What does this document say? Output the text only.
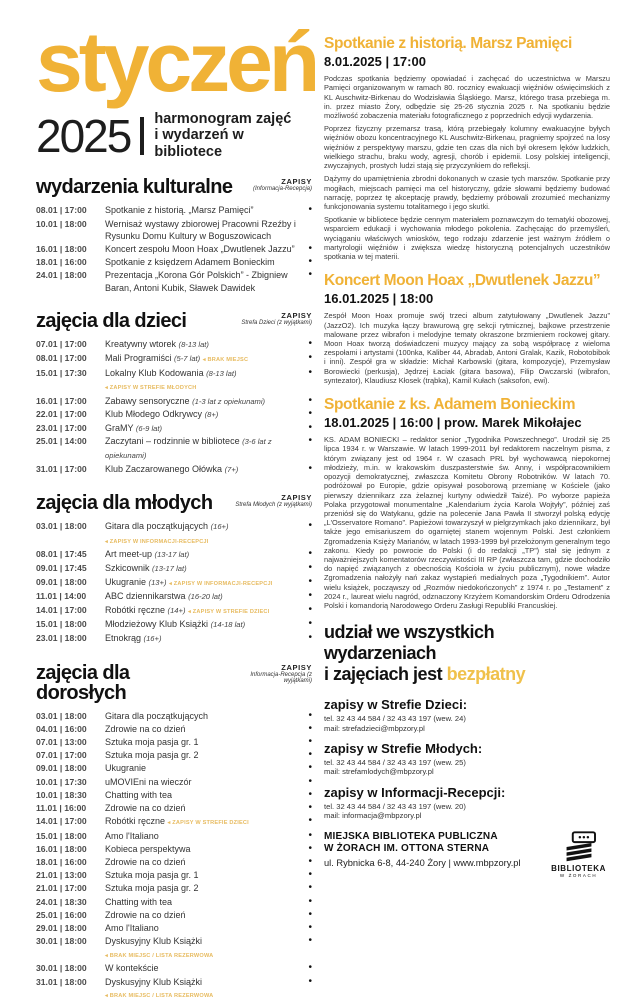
styczeń
2025 harmonogram zajęć
i wydarzeń w bibliotece
wydarzenia kulturalne	ZAPISY
(Informacja-Recepcja)
08.01 | 17:00	Spotkanie z historią. „Marsz Pamięci”	•
10.01 | 18:00	Wernisaż wystawy zbiorowej Pracowni Rzeźby i Rysunku Domu Kultury w Boguszowicach
16.01 | 18:00	Koncert zespołu Moon Hoax „Dwutlenek Jazzu”	•
18.01 | 16:00	Spotkanie z księdzem Adamem Bonieckim	•
24.01 | 18:00	Prezentacja „Korona Gór Polskich” - Zbigniew Baran, Antoni Kubik, Sławek Dawidek
•
zajęcia dla dzieci	ZAPISY
Strefa Dzieci (z wyjątkami)
07.01 | 17:00	Kreatywny wtorek (8-13 lat)	•
08.01 | 17:00	Mali Programiści (5-7 lat) ◂ BRAK MIEJSC	•
15.01 | 17:30	Lokalny Klub Kodowania (8-13 lat) ◂ ZAPISY W STREFIE MŁODYCH
•
16.01 | 17:00	Zabawy sensoryczne (1-3 lat z opiekunami)	•
22.01 | 17:00	Klub Młodego Odkrywcy (8+)	•
23.01 | 17:00	GraMY (6-9 lat)	•
25.01 | 14:00	Zaczytani – rodzinnie w bibliotece (3-6 lat z opiekunami)
•
31.01 | 17:00	Klub Zaczarowanego Ołówka (7+)	•
zajęcia dla młodych	ZAPISY
Strefa Młodych (z wyjątkami)
03.01 | 18:00	Gitara dla początkujących (16+) ◂ ZAPISY W INFORMACJI-RECEPCJI
•
08.01 | 17:45	Art meet-up (13-17 lat)	•
09.01 | 17:45	Szkicownik (13-17 lat)	•
09.01 | 18:00	Ukugranie (13+) ◂ ZAPISY W INFORMACJI-RECEPCJI	•
11.01 | 14:00	ABC dziennikarstwa (16-20 lat)	•
14.01 | 17:00	Robótki ręczne (14+) ◂ ZAPISY W STREFIE DZIECI	•
15.01 | 18:00	Młodzieżowy Klub Książki (14-18 lat)	•
23.01 | 18:00	Etnokrąg (16+)	•
zajęcia dla dorosłych
ZAPISY
Informacja-Recepcja (z wyjątkami)
03.01 | 18:00	Gitara dla początkujących	•
04.01 | 16:00	Zdrowie na co dzień	•
07.01 | 13:00	Sztuka moja pasja gr. 1	•
07.01 | 17:00	Sztuka moja pasja gr. 2	•
09.01 | 18:00	Ukugranie	•
10.01 | 17:30	uMOVIEni na wieczór	•
10.01 | 18:30	Chatting with tea	•
11.01 | 16:00	Zdrowie na co dzień	•
14.01 | 17:00	Robótki ręczne ◂ ZAPISY W STREFIE DZIECI	•
15.01 | 18:00	Amo l'Italiano	•
16.01 | 18:00	Kobieca perspektywa	•
18.01 | 16:00	Zdrowie na co dzień	•
21.01 | 13:00	Sztuka moja pasja gr. 1	•
21.01 | 17:00	Sztuka moja pasja gr. 2	•
24.01 | 18:30	Chatting with tea	•
25.01 | 16:00	Zdrowie na co dzień	•
29.01 | 18:00	Amo l'Italiano	•
30.01 | 18:00	Dyskusyjny Klub Książki ◂ BRAK MIEJSC / LISTA REZERWOWA
•
30.01 | 18:00	W kontekście	•
31.01 | 18:00	Dyskusyjny Klub Książki ◂ BRAK MIEJSC / LISTA REZERWOWA
•
Spotkanie z historią. Marsz Pamięci
8.01.2025 | 17:00

Podczas spotkania będziemy opowiadać i zachęcać do uczestnictwa w Marszu Pamięci organizowanym w ramach 80. rocznicy ewakuacji więźniów oświęcimskich z KL Auschwitz-Birkenau do Wodzisławia Śląskiego. Marsz, którego trasa przebiega m. in. przez miasto Żory, odbędzie się 25-26 stycznia 2025 r. Na spotkaniu będzie możliwość zobaczenia materiału fotograficznego z poprzednich edycji wydarzenia.

Poprzez fizyczny przemarsz trasą, którą przebiegały kolumny ewakuacyjne byłych więźniów obozu koncentracyjnego KL Auschwitz-Birkenau, pragniemy spojrzeć na losy więźniów z perspektywy marszu, gdzie ten czas dla nich był okresem lęków ludzkich, wielkiego strachu, braku wody, agresji, chorób i epidemii. Losy polskiej inteligencji, zwyczajnych, prostych ludzi stają się przyczynkiem do refleksji.

Dążymy do upamiętnienia zbrodni dokonanych w czasie tych marszów. Spotkanie przy mogiłach, miejscach pamięci ma cel historyczny, gdzie słowami będziemy budować narrację, poprzez tę akceptację prawdy, będziemy próbowali zrozumieć mechanizmy funkcjonowania systemu totalitarnego i jego skutki.

Spotkanie w bibliotece będzie cennym materiałem poznawczym do tematyki obozowej, wsparciem edukacji i wychowania młodego pokolenia. Zachęcając do przemyśleń, wyciąganiu właściwych wniosków, tego rodzaju zdarzenie jest ważnym źródłem o martyrologii więźniów i zwiększa wiedzę historyczną potencjalnych uczestników spotkania w tej materii.

Koncert Moon Hoax „Dwutlenek Jazzu”
16.01.2025 | 18:00

Zespół Moon Hoax promuje swój trzeci album zatytułowany „Dwutlenek Jazzu” (JazzO2). Ich muzyka łączy brawurową grę sekcji rytmicznej, bajkowe przestrzenie malowane przez wibrafon i melodyjne tematy okraszone brzmieniem rockowej gitary. Moon Hoax tworzą doświadczeni muzycy mający za sobą współpracę z wieloma zespołami i artystami (100nka, Kaliber 44, Abradab, Antoni Gralak, Kazik, Robotobibok i inni). Zespół gra w składzie: Michał Karbowski (gitara, kompozycje), Przemysław Borowiecki (perkusja), Jędrzej Łaciak (gitara basowa), Filip Owczarski (wibrafon, syntezator), Klaudiusz Kłosek (trąbka), Kamil Kułach (saksofon, ewi).

Spotkanie z ks. Adamem Bonieckim
18.01.2025 | 16:00 | prow. Marek Mikołajec

KS. ADAM BONIECKI – redaktor senior „Tygodnika Powszechnego”. Urodził się 25 lipca 1934 r. w Warszawie. W latach 1999-2011 był redaktorem naczelnym pisma, z którym związany jest od 1964 r. W czasach PRL był wychowawcą niepokornej młodzieży, m.in. w krakowskim duszpasterstwie św. Anny, i współpracownikiem opozycji demokratycznej, zwłaszcza Komitetu Obrony Robotników. W latach 70. podróżował po Europie, gdzie opisywał posoborową przemianę w Kościele (jako pierwszy dziennikarz zza żelaznej kurtyny odwiedził Taizé). Po wyborze papieża Polaka przygotował monumentalne „Kalendarium życia Karola Wojtyły”, później zaś przeniósł się do Watykanu, gdzie na polecenie Jana Pawła II stworzył polską edycję „L'Osservatore Romano”. Papieżowi towarzyszył w pielgrzymkach jako dziennikarz, był także jego emisariuszem do ogarniętej stanem wojennym Polski. Jest członkiem Zgromadzenia Księży Marianów, w latach 1993-1999 był przełożonym generalnym tego zakonu. Kiedy po powrocie do Polski (i do redakcji „TP”) stał się jednym z najważniejszych komentatorów rzeczywistości III RP (zwłaszcza tam, gdzie dochodziło do napięć związanych z obecnością Kościoła w życiu publicznym), nowe władze Zgromadzenia nałożyły nań zakaz wystąpień medialnych poza „Tygodnikiem”. Autor wielu książek, począwszy od „Rozmów niedokończonych” z 1974 r. po „Testament” z 2024 r., laureat wielu nagród, odznaczony Krzyżem Komandorskim Orderu Odrodzenia Polski i komandorią Narodowego Orderu Zasługi Republiki Francuskiej.

udział we wszystkich wydarzeniach
i zajęciach jest bezpłatny
zapisy w Strefie Dzieci:
tel. 32 43 44 584 / 32 43 43 197 (wew. 24)
mail: strefadzieci@mbpzory.pl
zapisy w Strefie Młodych:
tel. 32 43 44 584 / 32 43 43 197 (wew. 25)
mail: strefamlodych@mbpzory.pl
zapisy w Informacji-Recepcji:
tel. 32 43 44 584 / 32 43 43 197 (wew. 20)
mail: informacja@mbpzory.pl
MIEJSKA BIBLIOTEKA PUBLICZNA
W ŻORACH IM. OTTONA STERNA
ul. Rybnicka 6-8, 44-240 Żory | www.mbpzory.pl
BIBLIOTEKA
W ŻORACH
